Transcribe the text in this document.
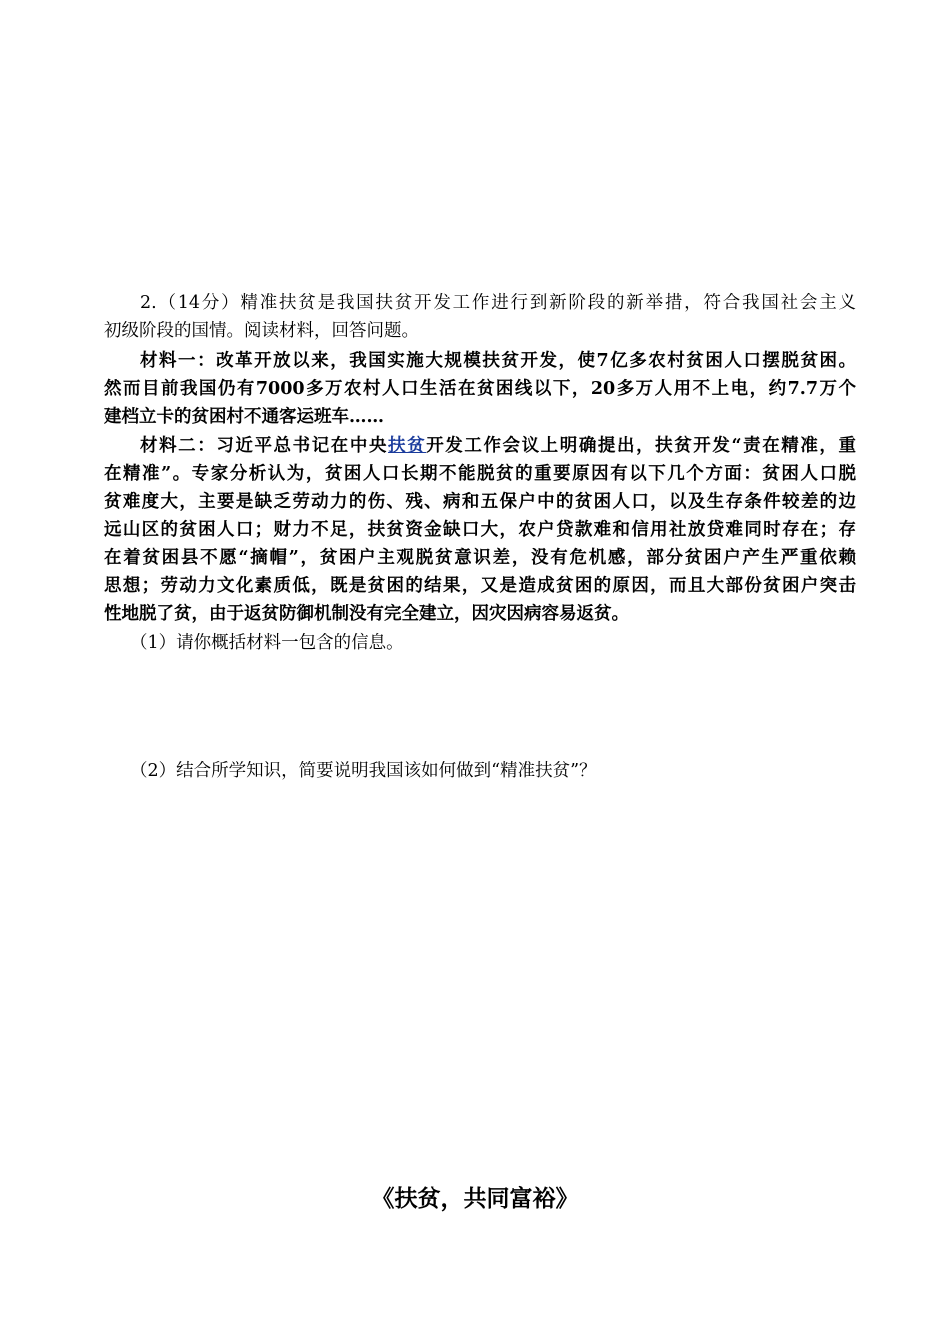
2.（14分）精准扶贫是我国扶贫开发工作进行到新阶段的新举措，符合我国社会主义
初级阶段的国情。阅读材料，回答问题。
材料一：改革开放以来，我国实施大规模扶贫开发，使7亿多农村贫困人口摆脱贫困。
然而目前我国仍有7000多万农村人口生活在贫困线以下，20多万人用不上电，约7.7万个
建档立卡的贫困村不通客运班车……
材料二：习近平总书记在中央扶贫开发工作会议上明确提出，扶贫开发“责在精准，重
在精准”。专家分析认为，贫困人口长期不能脱贫的重要原因有以下几个方面：贫困人口脱
贫难度大，主要是缺乏劳动力的伤、残、病和五保户中的贫困人口，以及生存条件较差的边
远山区的贫困人口；财力不足，扶贫资金缺口大，农户贷款难和信用社放贷难同时存在；存
在着贫困县不愿“摘帽”，贫困户主观脱贫意识差，没有危机感，部分贫困户产生严重依赖
思想；劳动力文化素质低，既是贫困的结果，又是造成贫困的原因，而且大部份贫困户突击
性地脱了贫，由于返贫防御机制没有完全建立，因灾因病容易返贫。
（1）请你概括材料一包含的信息。
（2）结合所学知识，简要说明我国该如何做到“精准扶贫”？
《扶贫，共同富裕》
